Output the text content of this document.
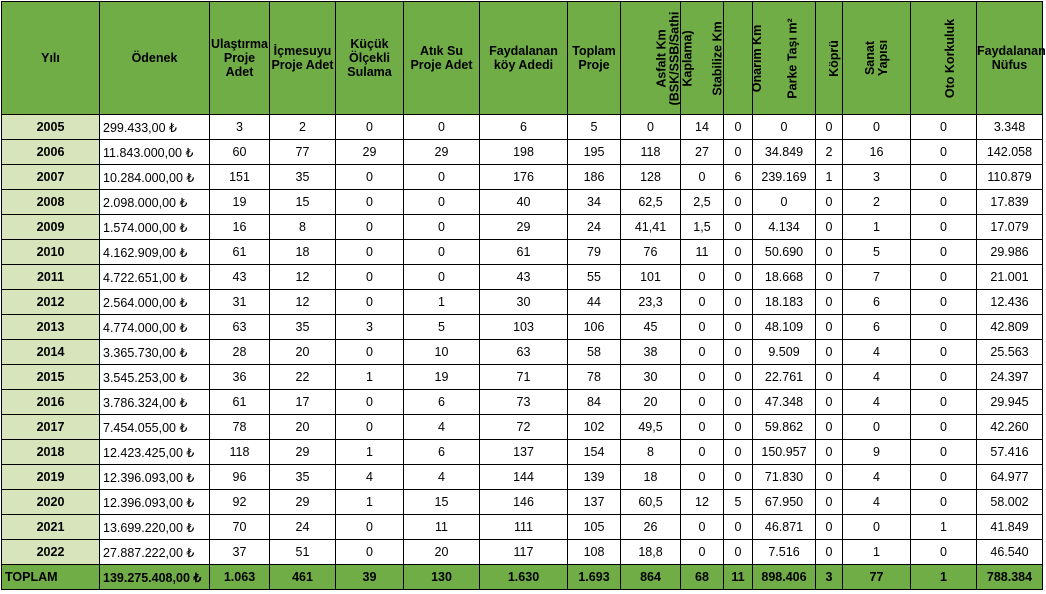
Yılı	Ödenek	Ulaştırma Proje Adet	İçmesuyu Proje Adet	Küçük Ölçekli Sulama	Atık Su Proje Adet	Faydalanan köy Adedi	Toplam Proje	Asfalt Km (BSK/SSB/Sathi Kaplama)	Stabilize Km	Onarım Km	Parke Taşı m²	Köprü	Sanat Yapısı	Oto Korkuluk	Faydalanan Nüfus
2005	299.433,00 ₺	3	2	0	0	6	5	0	14	0	0	0	0	0	3.348
2006	11.843.000,00 ₺	60	77	29	29	198	195	118	27	0	34.849	2	16	0	142.058
2007	10.284.000,00 ₺	151	35	0	0	176	186	128	0	6	239.169	1	3	0	110.879
2008	2.098.000,00 ₺	19	15	0	0	40	34	62,5	2,5	0	0	0	2	0	17.839
2009	1.574.000,00 ₺	16	8	0	0	29	24	41,41	1,5	0	4.134	0	1	0	17.079
2010	4.162.909,00 ₺	61	18	0	0	61	79	76	11	0	50.690	0	5	0	29.986
2011	4.722.651,00 ₺	43	12	0	0	43	55	101	0	0	18.668	0	7	0	21.001
2012	2.564.000,00 ₺	31	12	0	1	30	44	23,3	0	0	18.183	0	6	0	12.436
2013	4.774.000,00 ₺	63	35	3	5	103	106	45	0	0	48.109	0	6	0	42.809
2014	3.365.730,00 ₺	28	20	0	10	63	58	38	0	0	9.509	0	4	0	25.563
2015	3.545.253,00 ₺	36	22	1	19	71	78	30	0	0	22.761	0	4	0	24.397
2016	3.786.324,00 ₺	61	17	0	6	73	84	20	0	0	47.348	0	4	0	29.945
2017	7.454.055,00 ₺	78	20	0	4	72	102	49,5	0	0	59.862	0	0	0	42.260
2018	12.423.425,00 ₺	118	29	1	6	137	154	8	0	0	150.957	0	9	0	57.416
2019	12.396.093,00 ₺	96	35	4	4	144	139	18	0	0	71.830	0	4	0	64.977
2020	12.396.093,00 ₺	92	29	1	15	146	137	60,5	12	5	67.950	0	4	0	58.002
2021	13.699.220,00 ₺	70	24	0	11	111	105	26	0	0	46.871	0	0	1	41.849
2022	27.887.222,00 ₺	37	51	0	20	117	108	18,8	0	0	7.516	0	1	0	46.540
TOPLAM	139.275.408,00 ₺	1.063	461	39	130	1.630	1.693	864	68	11	898.406	3	77	1	788.384
